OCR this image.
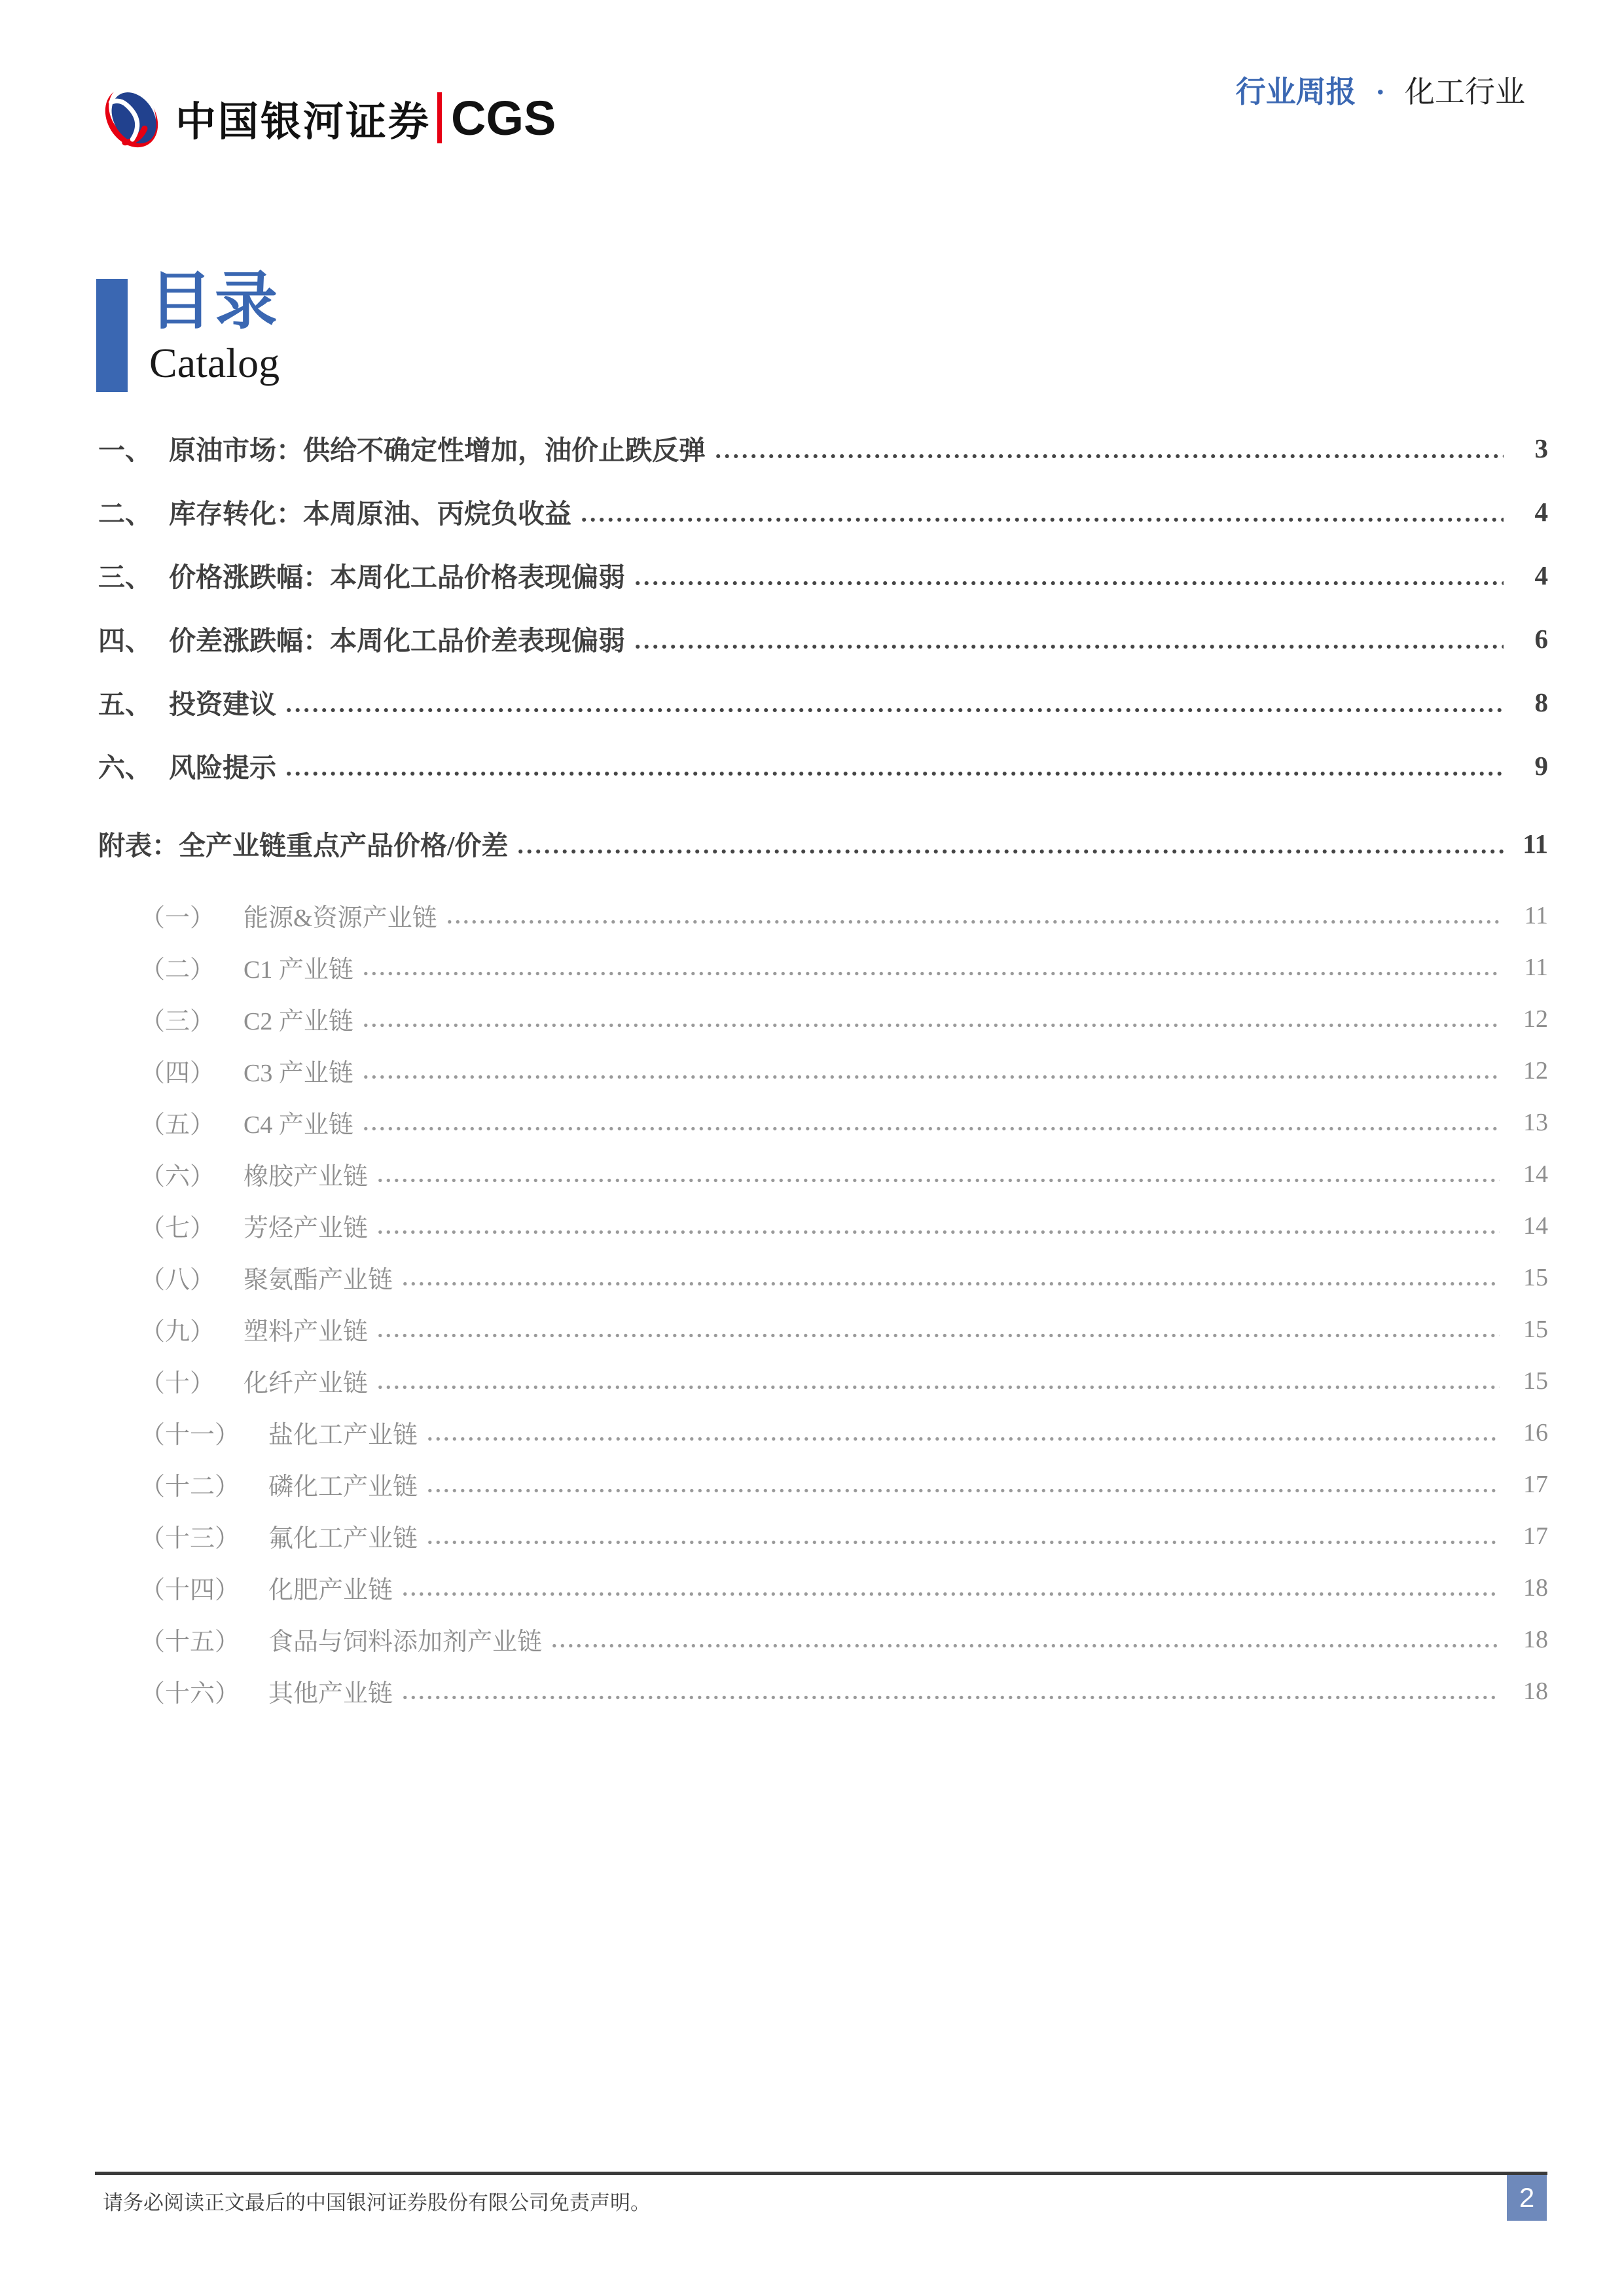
中国银河证券 CGS	行业周报 · 化工行业
目录
Catalog
一、 原油市场：供给不确定性增加，油价止跌反弹	3
二、 库存转化：本周原油、丙烷负收益	4
三、 价格涨跌幅：本周化工品价格表现偏弱	4
四、 价差涨跌幅：本周化工品价差表现偏弱	6
五、 投资建议	8
六、 风险提示	9
附表：全产业链重点产品价格/价差	11
（一） 能源&资源产业链	11
（二） C1 产业链	11
（三） C2 产业链	12
（四） C3 产业链	12
（五） C4 产业链	13
（六） 橡胶产业链	14
（七） 芳烃产业链	14
（八） 聚氨酯产业链	15
（九） 塑料产业链	15
（十） 化纤产业链	15
（十一） 盐化工产业链	16
（十二） 磷化工产业链	17
（十三） 氟化工产业链	17
（十四） 化肥产业链	18
（十五） 食品与饲料添加剂产业链	18
（十六） 其他产业链	18
请务必阅读正文最后的中国银河证券股份有限公司免责声明。	2
